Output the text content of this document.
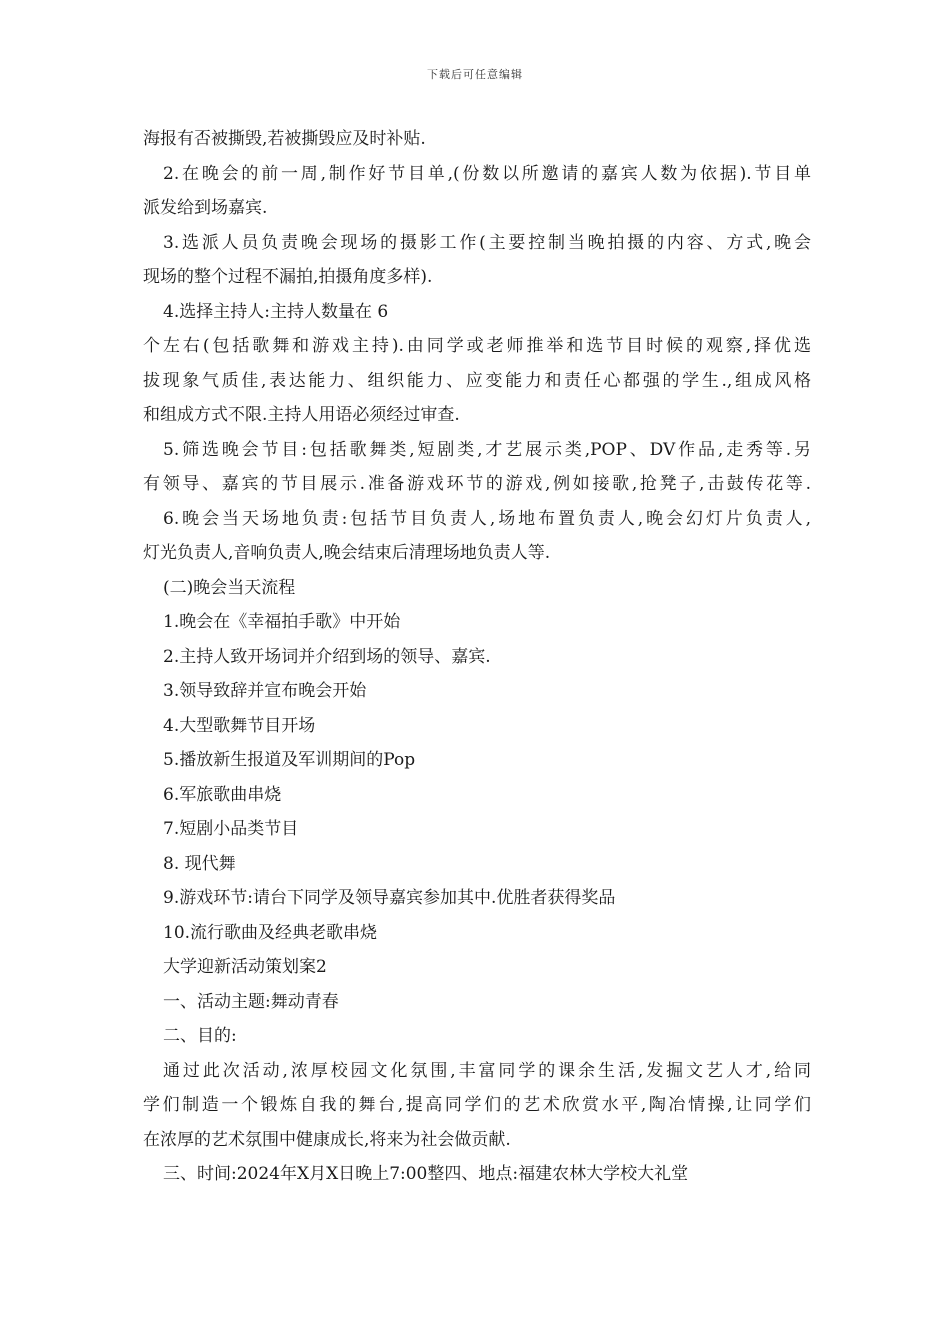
下载后可任意编辑
海报有否被撕毁,若被撕毁应及时补贴.
2.在晚会的前一周,制作好节目单,(份数以所邀请的嘉宾人数为依据).节目单
派发给到场嘉宾.
3.选派人员负责晚会现场的摄影工作(主要控制当晚拍摄的内容、方式,晚会
现场的整个过程不漏拍,拍摄角度多样).
4.选择主持人:主持人数量在 6
个左右(包括歌舞和游戏主持).由同学或老师推举和选节目时候的观察,择优选
拔现象气质佳,表达能力、组织能力、应变能力和责任心都强的学生.,组成风格
和组成方式不限.主持人用语必须经过审查.
5.筛选晚会节目:包括歌舞类,短剧类,才艺展示类,POP、DV作品,走秀等.另
有领导、嘉宾的节目展示.准备游戏环节的游戏,例如接歌,抢凳子,击鼓传花等.
6.晚会当天场地负责:包括节目负责人,场地布置负责人,晚会幻灯片负责人,
灯光负责人,音响负责人,晚会结束后清理场地负责人等.
(二)晚会当天流程
1.晚会在《幸福拍手歌》中开始
2.主持人致开场词并介绍到场的领导、嘉宾.
3.领导致辞并宣布晚会开始
4.大型歌舞节目开场
5.播放新生报道及军训期间的Pop
6.军旅歌曲串烧
7.短剧小品类节目
8. 现代舞
9.游戏环节:请台下同学及领导嘉宾参加其中.优胜者获得奖品
10.流行歌曲及经典老歌串烧
大学迎新活动策划案2
一、活动主题:舞动青春
二、目的:
通过此次活动,浓厚校园文化氛围,丰富同学的课余生活,发掘文艺人才,给同
学们制造一个锻炼自我的舞台,提高同学们的艺术欣赏水平,陶冶情操,让同学们
在浓厚的艺术氛围中健康成长,将来为社会做贡献.
三、时间:2024年X月X日晚上7:00整四、地点:福建农林大学校大礼堂
